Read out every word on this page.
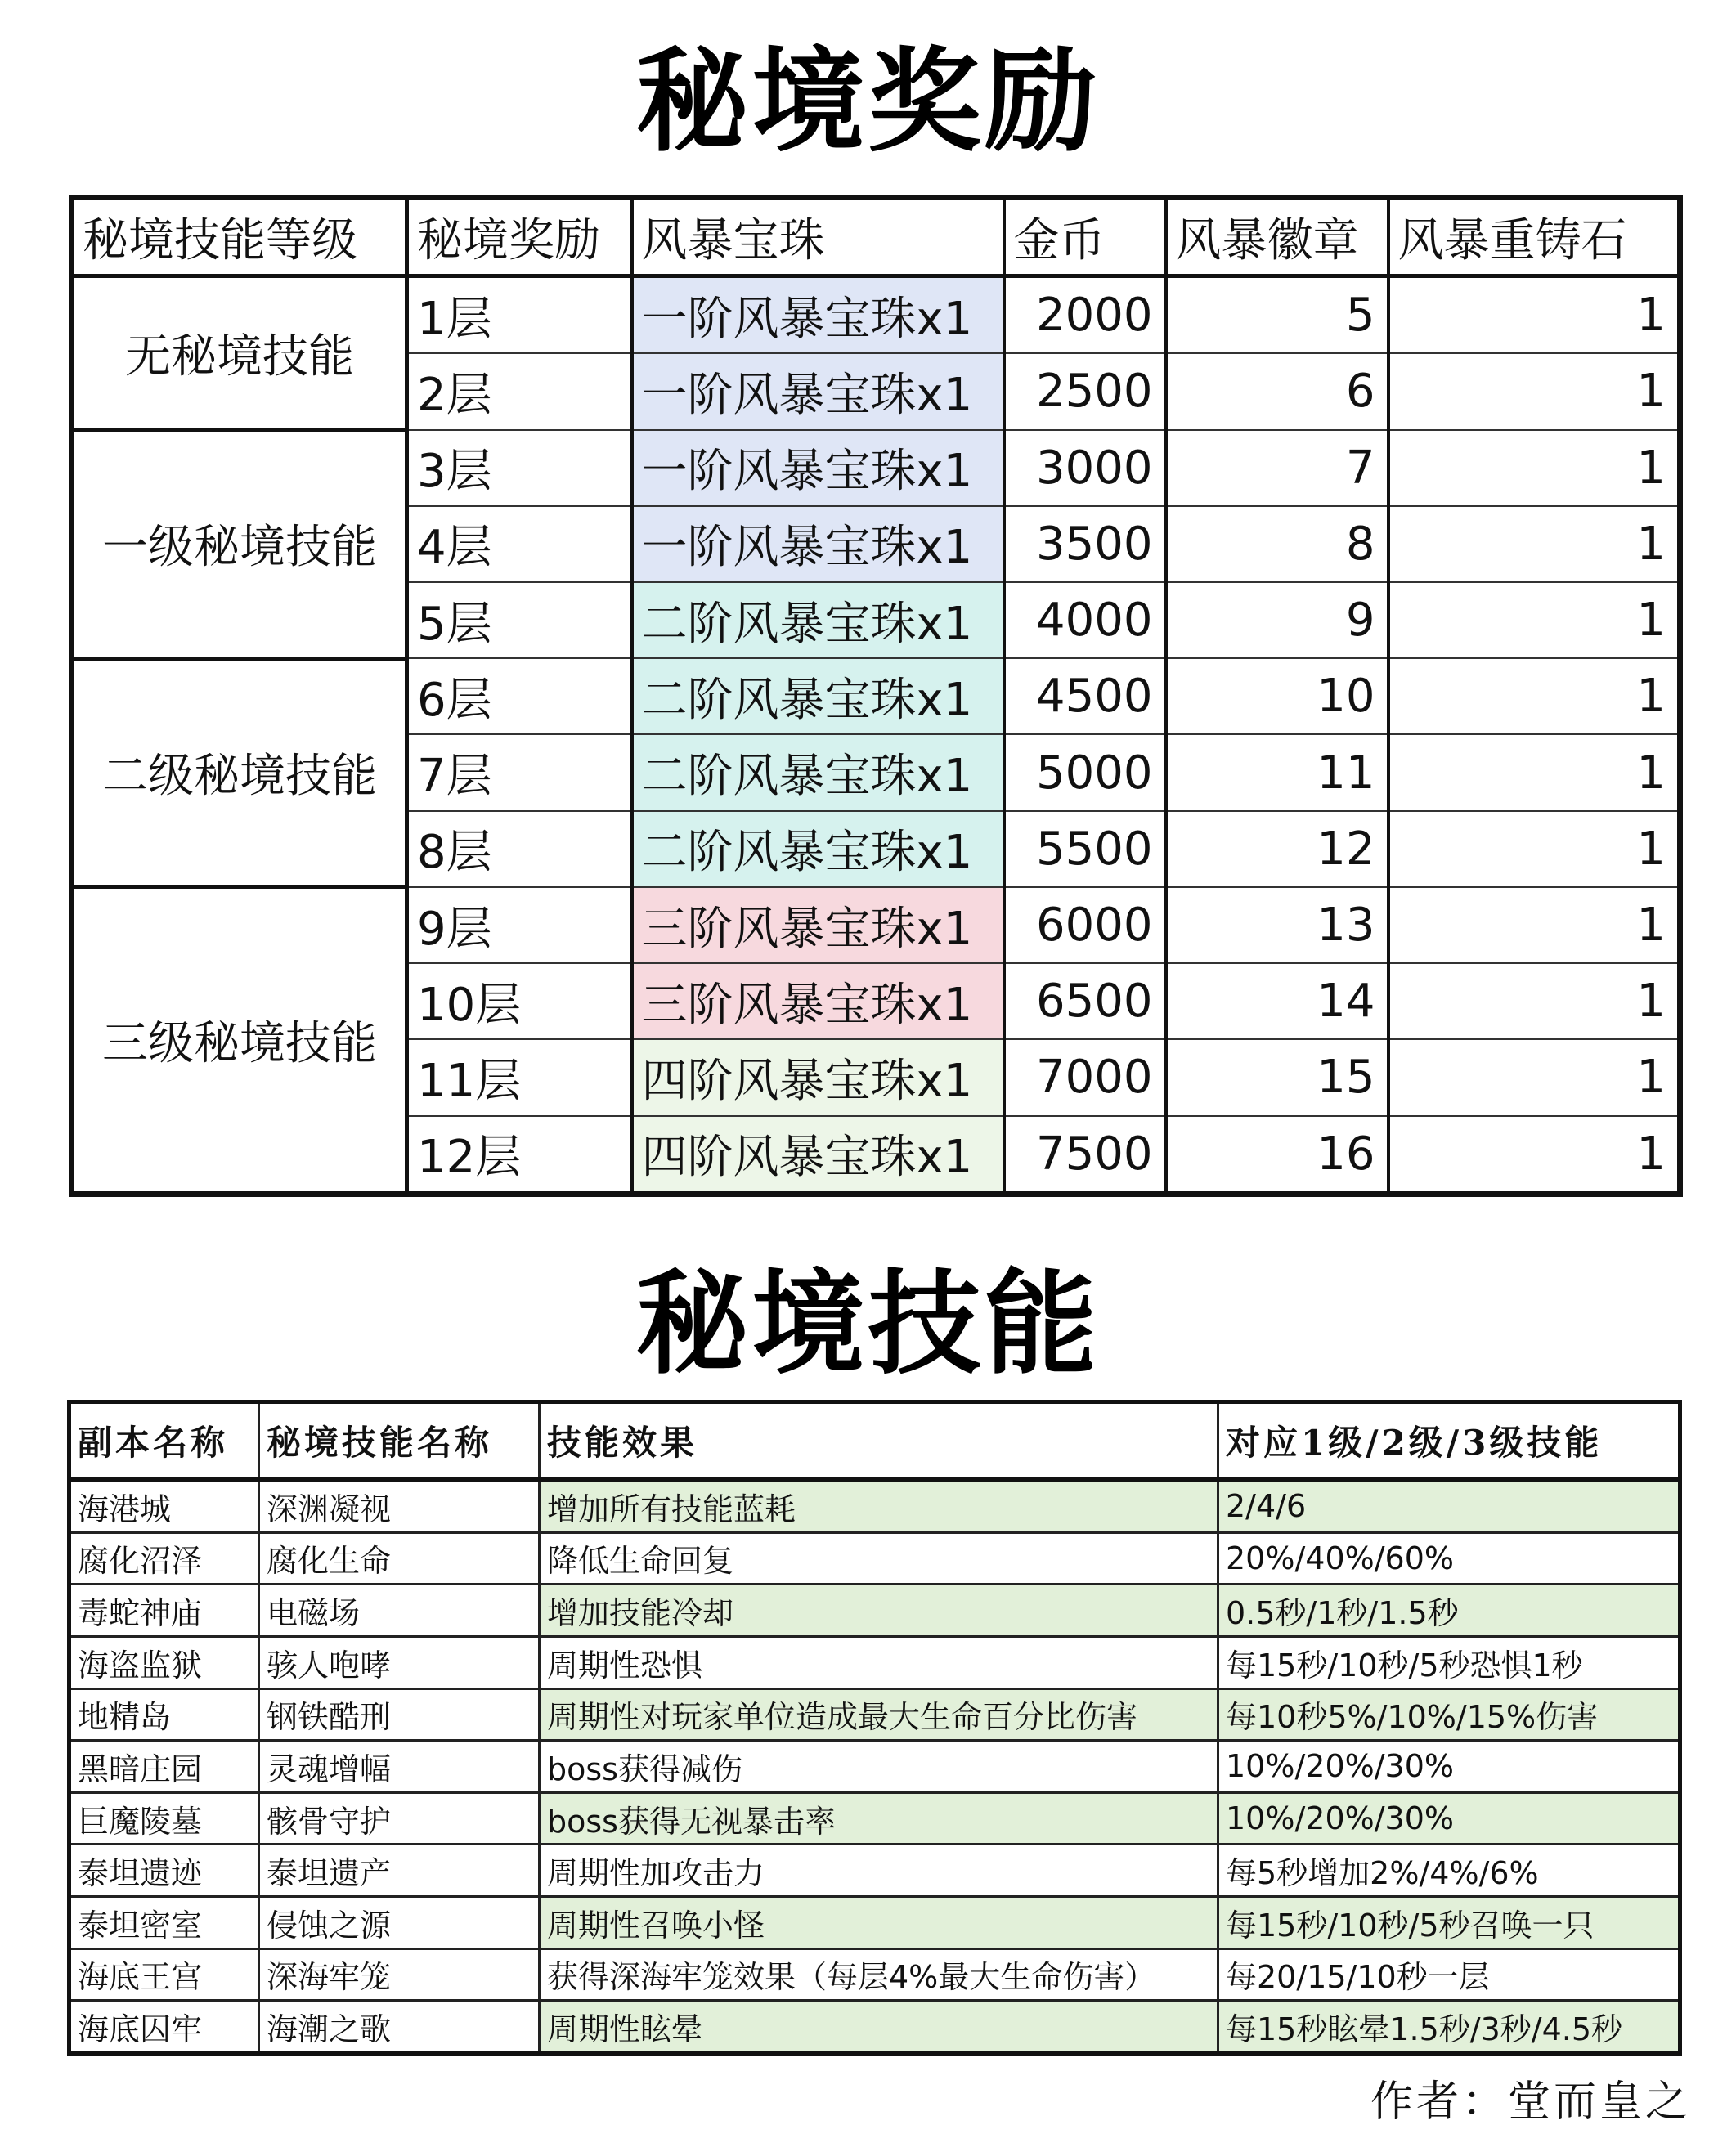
秘境奖励
秘境技能等级	秘境奖励	风暴宝珠	金币	风暴徽章	风暴重铸石
无秘境技能	1层	一阶风暴宝珠x1	2000	5	1
	2层	一阶风暴宝珠x1	2500	6	1
一级秘境技能	3层	一阶风暴宝珠x1	3000	7	1
	4层	一阶风暴宝珠x1	3500	8	1
	5层	二阶风暴宝珠x1	4000	9	1
二级秘境技能	6层	二阶风暴宝珠x1	4500	10	1
	7层	二阶风暴宝珠x1	5000	11	1
	8层	二阶风暴宝珠x1	5500	12	1
三级秘境技能	9层	三阶风暴宝珠x1	6000	13	1
	10层	三阶风暴宝珠x1	6500	14	1
	11层	四阶风暴宝珠x1	7000	15	1
	12层	四阶风暴宝珠x1	7500	16	1
秘境技能
副本名称	秘境技能名称	技能效果	对应1级/2级/3级技能
海港城	深渊凝视	增加所有技能蓝耗	2/4/6
腐化沼泽	腐化生命	降低生命回复	20%/40%/60%
毒蛇神庙	电磁场	增加技能冷却	0.5秒/1秒/1.5秒
海盗监狱	骇人咆哮	周期性恐惧	每15秒/10秒/5秒恐惧1秒
地精岛	钢铁酷刑	周期性对玩家单位造成最大生命百分比伤害	每10秒5%/10%/15%伤害
黑暗庄园	灵魂增幅	boss获得减伤	10%/20%/30%
巨魔陵墓	骸骨守护	boss获得无视暴击率	10%/20%/30%
泰坦遗迹	泰坦遗产	周期性加攻击力	每5秒增加2%/4%/6%
泰坦密室	侵蚀之源	周期性召唤小怪	每15秒/10秒/5秒召唤一只
海底王宫	深海牢笼	获得深海牢笼效果（每层4%最大生命伤害）	每20/15/10秒一层
海底囚牢	海潮之歌	周期性眩晕	每15秒眩晕1.5秒/3秒/4.5秒
作者：堂而皇之
